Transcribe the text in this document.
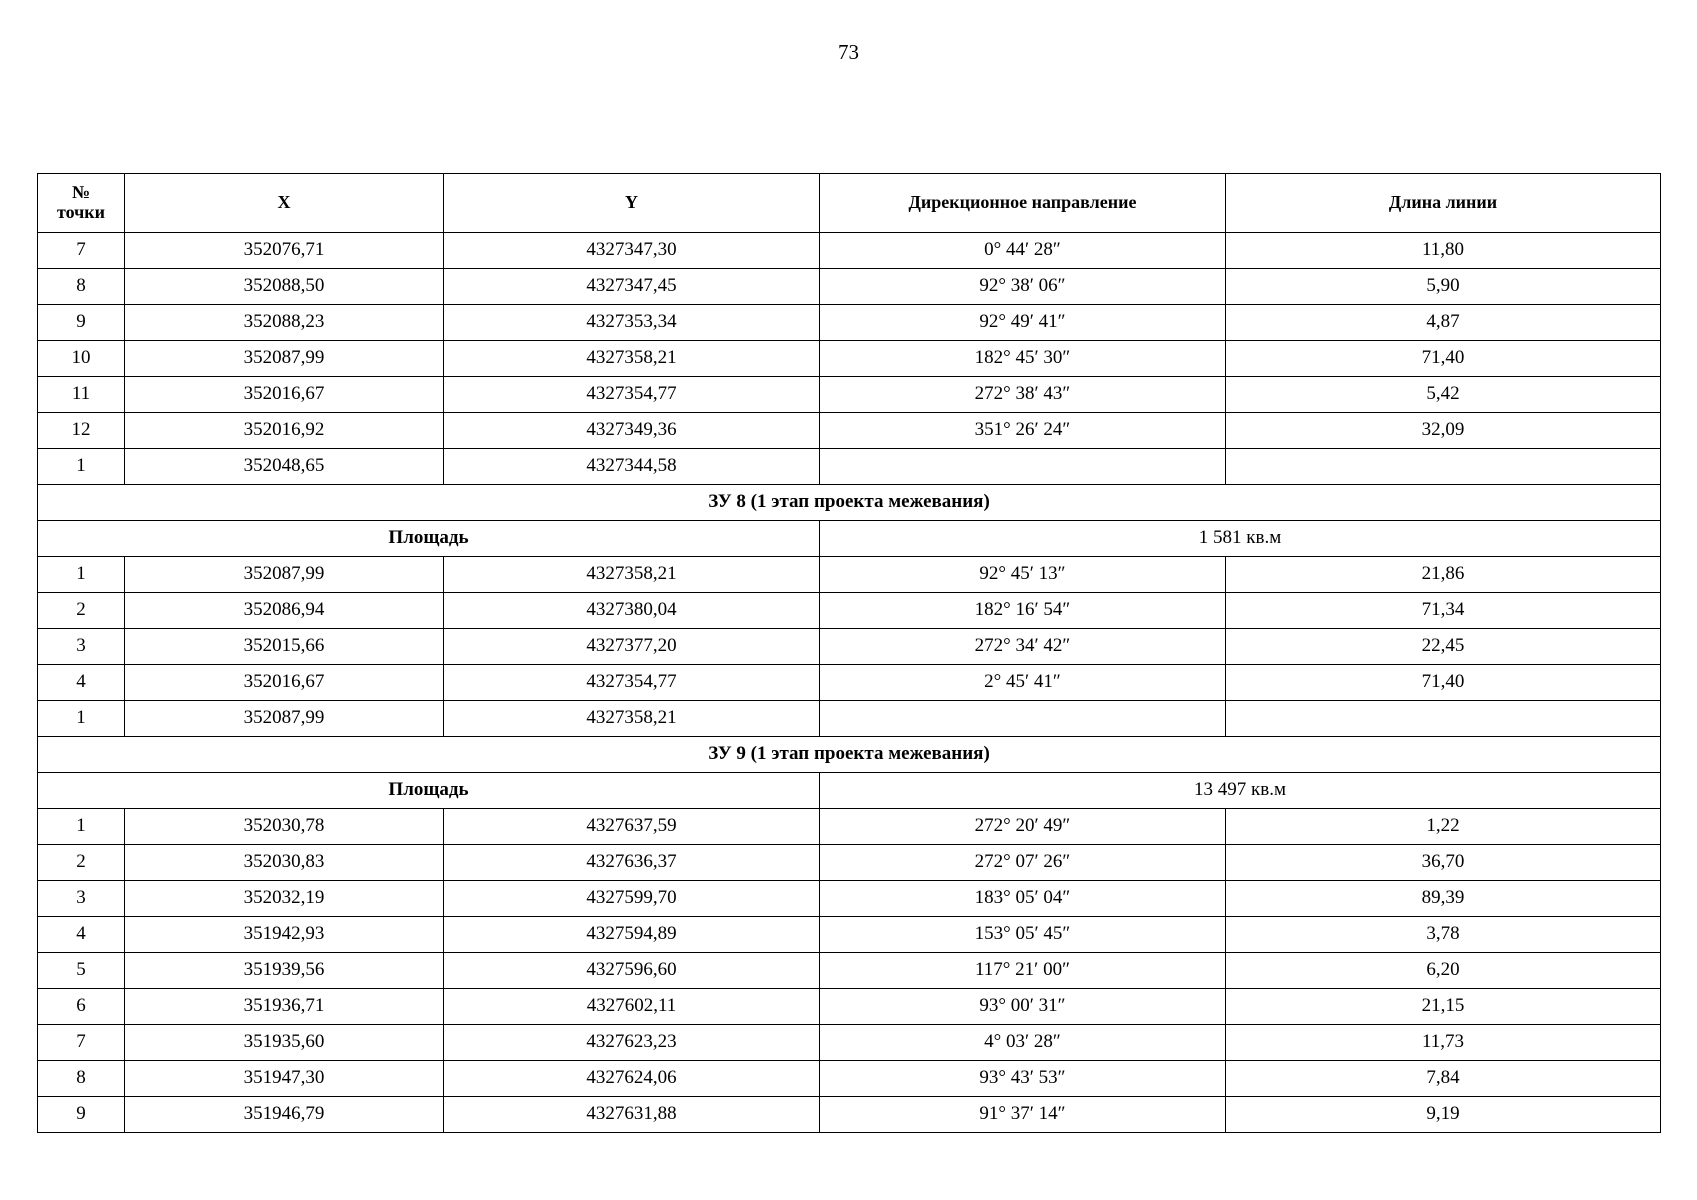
73
№
точки	X	Y	Дирекционное направление	Длина линии
7	352076,71	4327347,30	0° 44′ 28″	11,80
8	352088,50	4327347,45	92° 38′ 06″	5,90
9	352088,23	4327353,34	92° 49′ 41″	4,87
10	352087,99	4327358,21	182° 45′ 30″	71,40
11	352016,67	4327354,77	272° 38′ 43″	5,42
12	352016,92	4327349,36	351° 26′ 24″	32,09
1	352048,65	4327344,58		
ЗУ 8 (1 этап проекта межевания)				
Площадь			1 581 кв.м	
1	352087,99	4327358,21	92° 45′ 13″	21,86
2	352086,94	4327380,04	182° 16′ 54″	71,34
3	352015,66	4327377,20	272° 34′ 42″	22,45
4	352016,67	4327354,77	2° 45′ 41″	71,40
1	352087,99	4327358,21		
ЗУ 9 (1 этап проекта межевания)				
Площадь			13 497 кв.м	
1	352030,78	4327637,59	272° 20′ 49″	1,22
2	352030,83	4327636,37	272° 07′ 26″	36,70
3	352032,19	4327599,70	183° 05′ 04″	89,39
4	351942,93	4327594,89	153° 05′ 45″	3,78
5	351939,56	4327596,60	117° 21′ 00″	6,20
6	351936,71	4327602,11	93° 00′ 31″	21,15
7	351935,60	4327623,23	4° 03′ 28″	11,73
8	351947,30	4327624,06	93° 43′ 53″	7,84
9	351946,79	4327631,88	91° 37′ 14″	9,19
